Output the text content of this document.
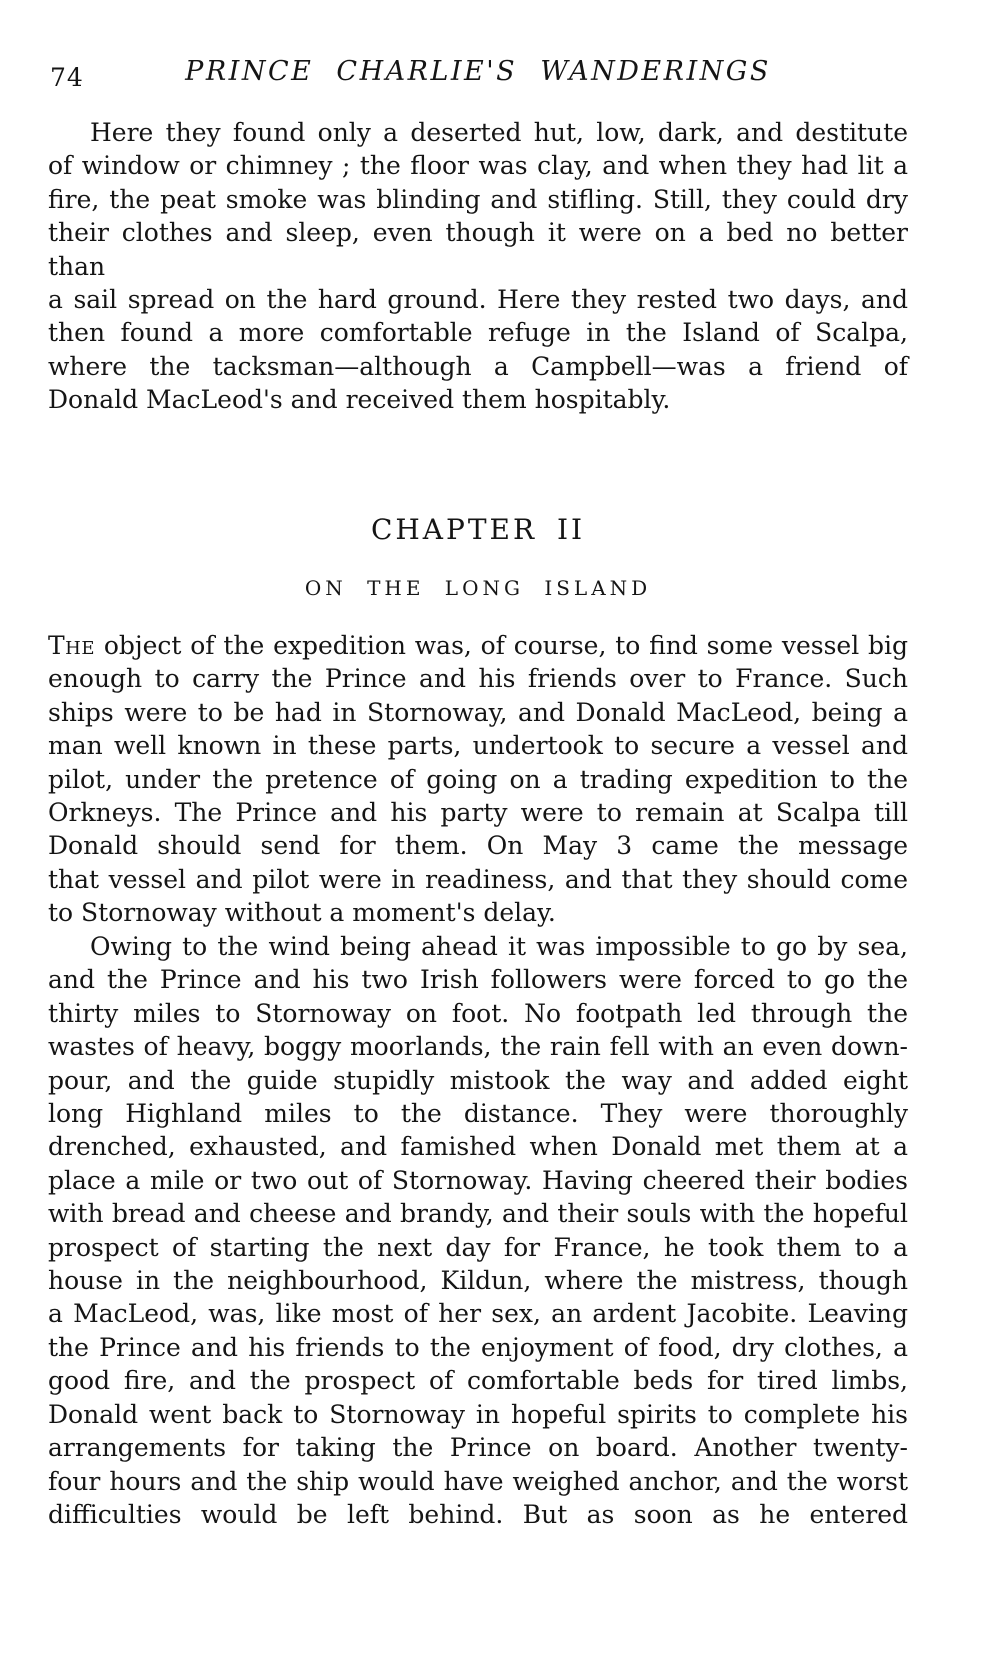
74	PRINCE CHARLIE'S WANDERINGS
Here they found only a deserted hut, low, dark, and destitute
of window or chimney ; the floor was clay, and when they had lit a
fire, the peat smoke was blinding and stifling. Still, they could dry
their clothes and sleep, even though it were on a bed no better than
a sail spread on the hard ground. Here they rested two days, and
then found a more comfortable refuge in the Island of Scalpa,
where the tacksman—although a Campbell—was a friend of
Donald MacLeod's and received them hospitably.
CHAPTER II
ON THE LONG ISLAND
The object of the expedition was, of course, to find some vessel big
enough to carry the Prince and his friends over to France. Such
ships were to be had in Stornoway, and Donald MacLeod, being a
man well known in these parts, undertook to secure a vessel and
pilot, under the pretence of going on a trading expedition to the
Orkneys. The Prince and his party were to remain at Scalpa till
Donald should send for them. On May 3 came the message
that vessel and pilot were in readiness, and that they should come
to Stornoway without a moment's delay.
Owing to the wind being ahead it was impossible to go by sea,
and the Prince and his two Irish followers were forced to go the
thirty miles to Stornoway on foot. No footpath led through the
wastes of heavy, boggy moorlands, the rain fell with an even down-
pour, and the guide stupidly mistook the way and added eight
long Highland miles to the distance. They were thoroughly
drenched, exhausted, and famished when Donald met them at a
place a mile or two out of Stornoway. Having cheered their bodies
with bread and cheese and brandy, and their souls with the hopeful
prospect of starting the next day for France, he took them to a
house in the neighbourhood, Kildun, where the mistress, though
a MacLeod, was, like most of her sex, an ardent Jacobite. Leaving
the Prince and his friends to the enjoyment of food, dry clothes, a
good fire, and the prospect of comfortable beds for tired limbs,
Donald went back to Stornoway in hopeful spirits to complete his
arrangements for taking the Prince on board. Another twenty-
four hours and the ship would have weighed anchor, and the worst
difficulties would be left behind. But as soon as he entered
